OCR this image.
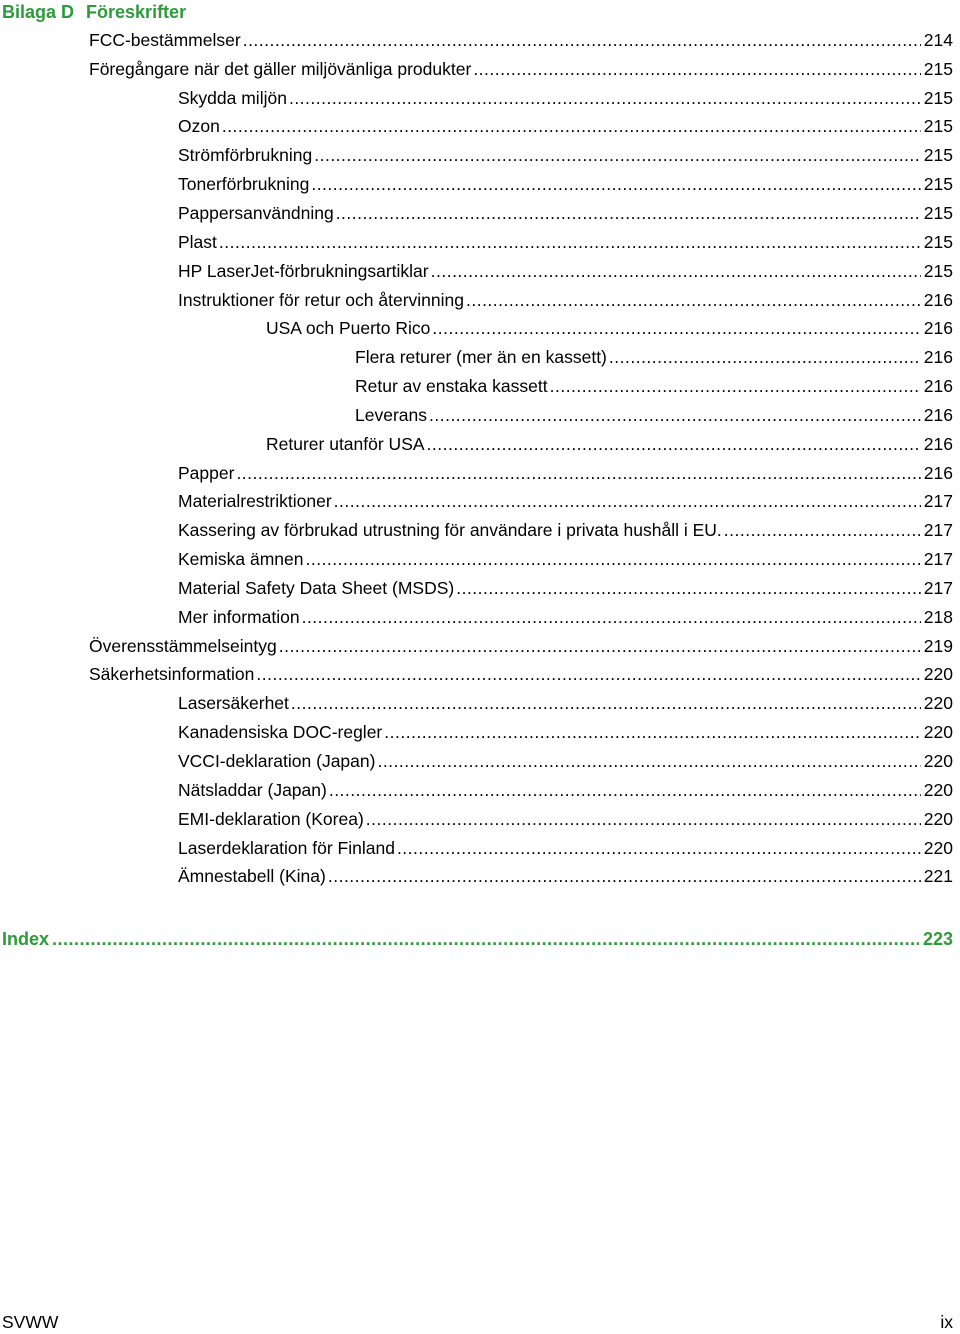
Bilaga D Föreskrifter
FCC-bestämmelser .....	214
Föregångare när det gäller miljövänliga produkter .....	215
Skydda miljön .....	215
Ozon .....	215
Strömförbrukning .....	215
Tonerförbrukning .....	215
Pappersanvändning .....	215
Plast .....	215
HP LaserJet-förbrukningsartiklar .....	215
Instruktioner för retur och återvinning .....	216
USA och Puerto Rico .....	216
Flera returer (mer än en kassett) .....	216
Retur av enstaka kassett .....	216
Leverans .....	216
Returer utanför USA .....	216
Papper .....	216
Materialrestriktioner .....	217
Kassering av förbrukad utrustning för användare i privata hushåll i EU. .....	217
Kemiska ämnen .....	217
Material Safety Data Sheet (MSDS) .....	217
Mer information .....	218
Överensstämmelseintyg .....	219
Säkerhetsinformation .....	220
Lasersäkerhet .....	220
Kanadensiska DOC-regler .....	220
VCCI-deklaration (Japan) .....	220
Nätsladdar (Japan) .....	220
EMI-deklaration (Korea) .....	220
Laserdeklaration för Finland .....	220
Ämnestabell (Kina) .....	221
Index .....	223
SVWW	ix
